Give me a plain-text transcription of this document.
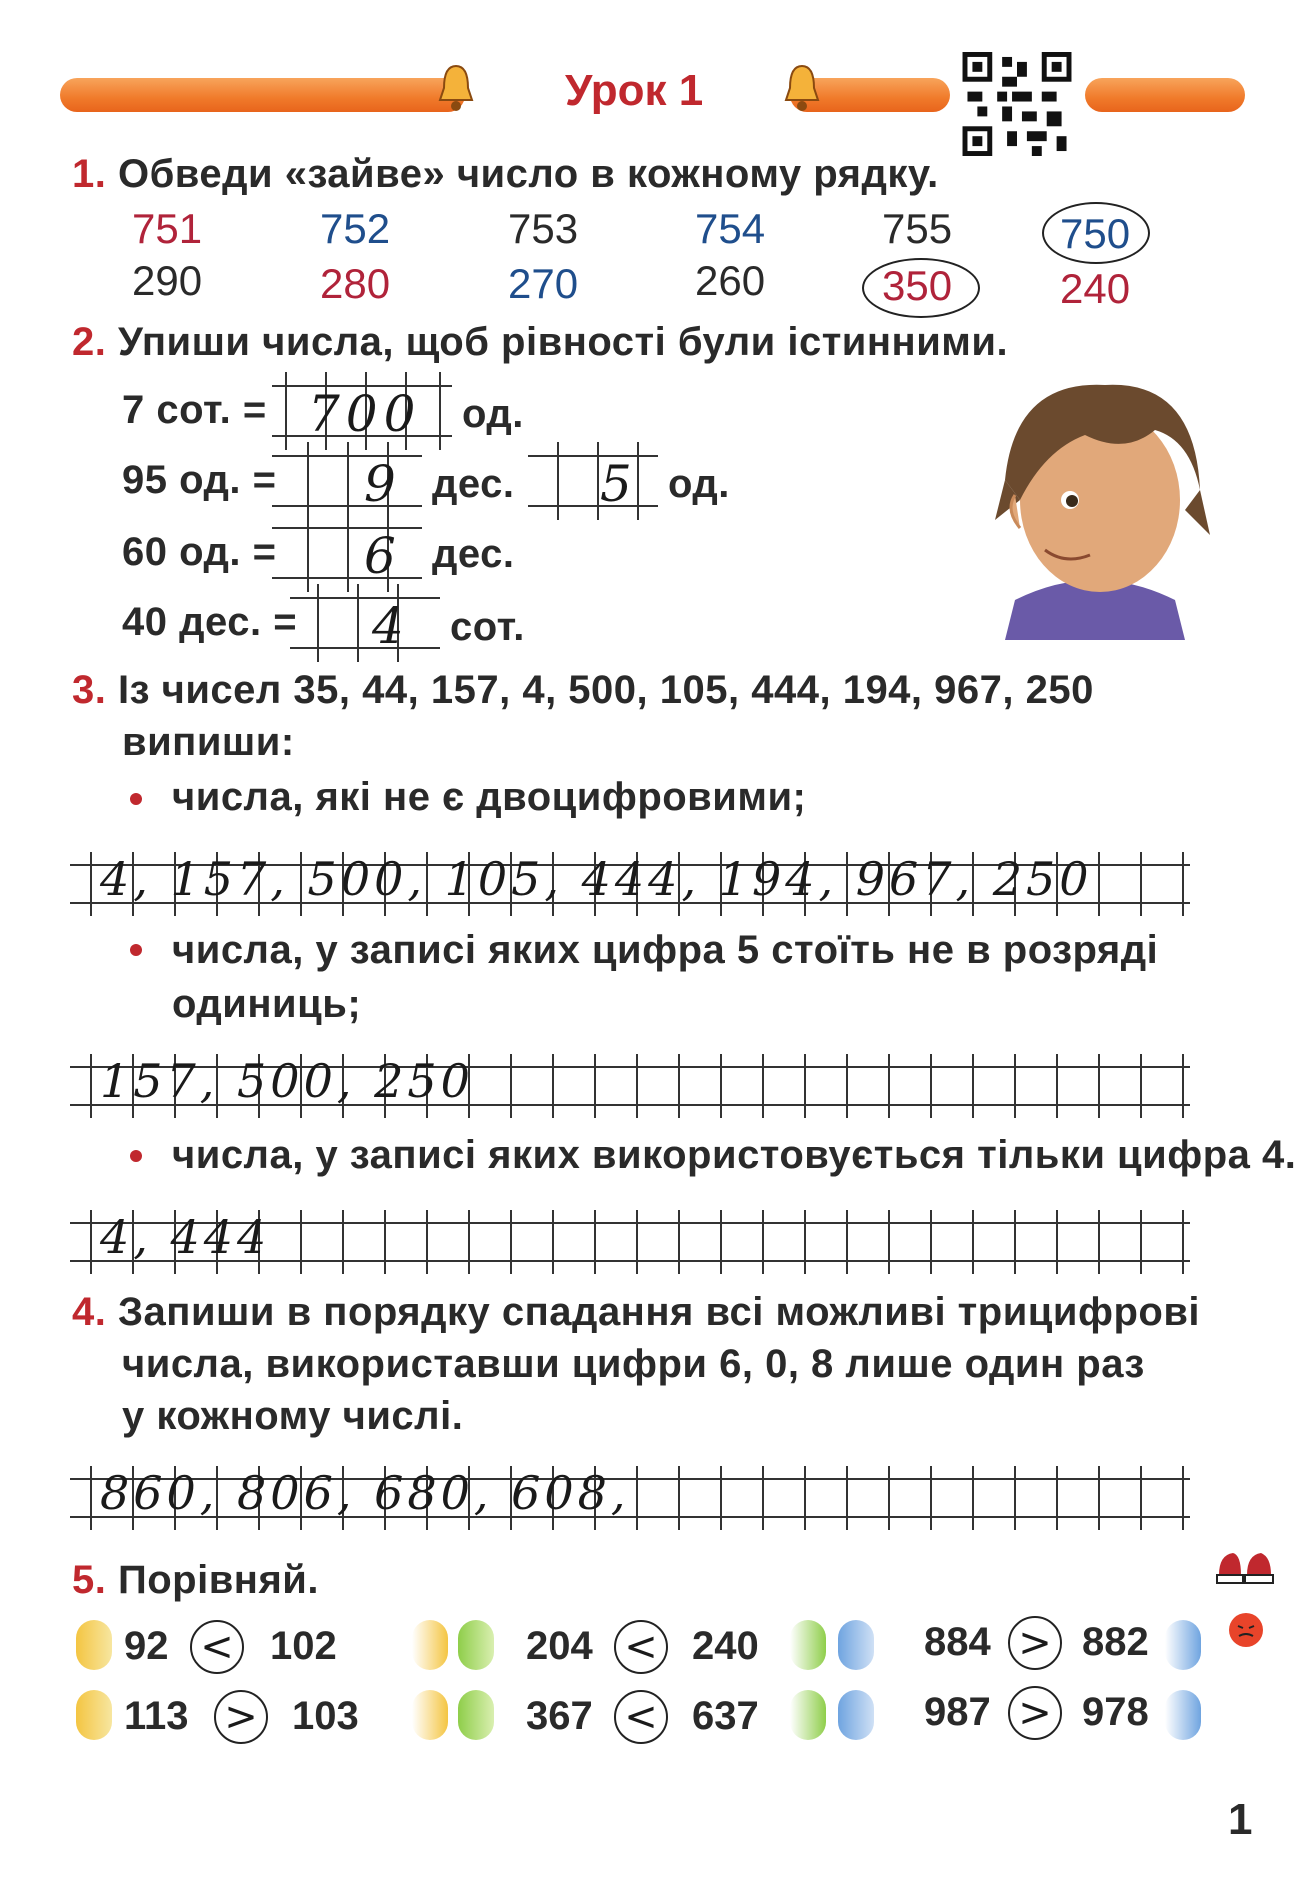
Урок 1
1. Обведи «зайве» число в кожному рядку.
751	752	753	754	755	750
290	280	270	260	350	240
2. Упиши числа, щоб рівності були істинними.
7 сот. = 700 од.
95 од. = 9 дес. 5 од.
60 од. = 6 дес.
40 дес. = 4 сот.
3. Із чисел 35, 44, 157, 4, 500, 105, 444, 194, 967, 250
випиши:
числа, які не є двоцифровими;
4, 157, 500, 105, 444, 194, 967, 250
числа, у записі яких цифра 5 стоїть не в розряді
одиниць;
157, 500, 250
числа, у записі яких використовується тільки цифра 4.
4, 444
4. Запиши в порядку спадання всі можливі трицифрові
числа, використавши цифри 6, 0, 8 лише один раз
у кожному числі.
860, 806, 680, 608,
5. Порівняй.
92 < 102	204 < 240	884 > 882
113 > 103	367 < 637	987 > 978
1
